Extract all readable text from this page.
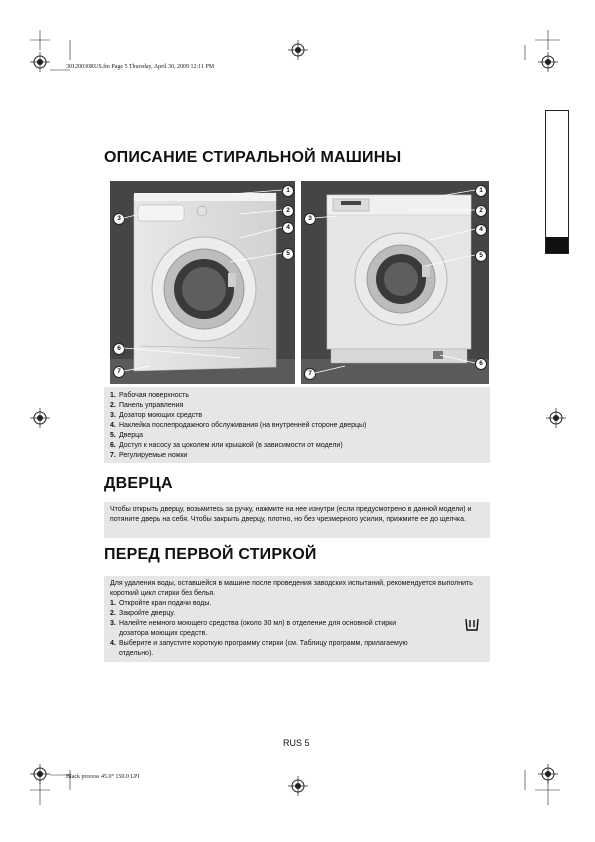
30120030RUS.fm Page 5 Thursday, April 30, 2009 12:11 PM
Black process 45.0° 150.0 LPI
ОПИСАНИЕ СТИРАЛЬНОЙ МАШИНЫ
1
2
3
4
5
6
7
1
2
3
4
5
6
7
1. Рабочая поверхность
2. Панель управления
3. Дозатор моющих средств
4. Наклейка послепродажного обслуживания (на внутренней стороне дверцы)
5. Дверца
6. Доступ к насосу за цоколем или крышкой (в зависимости от модели)
7. Регулируемые ножки
ДВЕРЦА
Чтобы открыть дверцу, возьмитесь за ручку, нажмите на нее изнутри (если предусмотрено в данной модели) и потяните дверь на себя. Чтобы закрыть дверцу, плотно, но без чрезмерного усилия, прижмите ее до щелчка.
ПЕРЕД ПЕРВОЙ СТИРКОЙ
Для удаления воды, оставшейся в машине после проведения заводских испытаний, рекомендуется выполнить короткий цикл стирки без белья.
1. Откройте кран подачи воды.
2. Закройте дверцу.
3. Налейте немного моющего средства (около 30 мл) в отделение для основной стирки
дозатора моющих средств.
4. Выберите и запустите короткую программу стирки (см. Таблицу программ, прилагаемую
отдельно).
RUS 5
